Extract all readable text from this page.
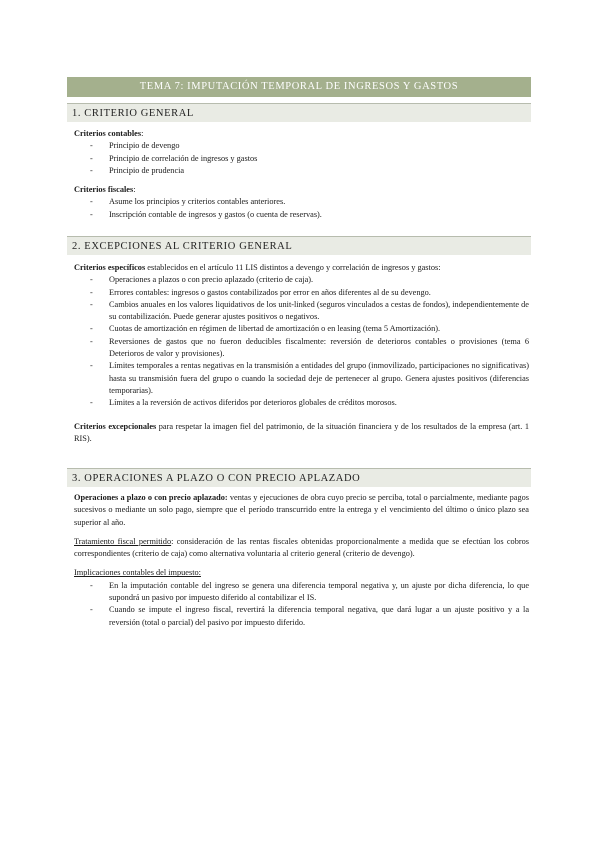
TEMA 7: IMPUTACIÓN TEMPORAL DE INGRESOS Y GASTOS
1. CRITERIO GENERAL

Criterios contables:

- Principio de devengo
- Principio de correlación de ingresos y gastos
- Principio de prudencia

Criterios fiscales:

- Asume los principios y criterios contables anteriores.
- Inscripción contable de ingresos y gastos (o cuenta de reservas).
2. EXCEPCIONES AL CRITERIO GENERAL

Criterios específicos establecidos en el artículo 11 LIS distintos a devengo y correlación de ingresos y gastos:

- Operaciones a plazos o con precio aplazado (criterio de caja).
- Errores contables: ingresos o gastos contabilizados por error en años diferentes al de su devengo.
- Cambios anuales en los valores liquidativos de los unit-linked (seguros vinculados a cestas de fondos), independientemente de su contabilización. Puede generar ajustes positivos o negativos.
- Cuotas de amortización en régimen de libertad de amortización o en leasing (tema 5 Amortización).
- Reversiones de gastos que no fueron deducibles fiscalmente: reversión de deterioros contables o provisiones (tema 6 Deterioros de valor y provisiones).
- Límites temporales a rentas negativas en la transmisión a entidades del grupo (inmovilizado, participaciones no significativas) hasta su transmisión fuera del grupo o cuando la sociedad deje de pertenecer al grupo. Genera ajustes positivos (diferencias temporarias).
- Límites a la reversión de activos diferidos por deterioros globales de créditos morosos.

Criterios excepcionales para respetar la imagen fiel del patrimonio, de la situación financiera y de los resultados de la empresa (art. 1 RIS).

3. OPERACIONES A PLAZO O CON PRECIO APLAZADO

Operaciones a plazo o con precio aplazado: ventas y ejecuciones de obra cuyo precio se perciba, total o parcialmente, mediante pagos sucesivos o mediante un solo pago, siempre que el período transcurrido entre la entrega y el vencimiento del último o único plazo sea superior al año.

Tratamiento fiscal permitido: consideración de las rentas fiscales obtenidas proporcionalmente a medida que se efectúan los cobros correspondientes (criterio de caja) como alternativa voluntaria al criterio general (criterio de devengo).

Implicaciones contables del impuesto:

- En la imputación contable del ingreso se genera una diferencia temporal negativa y, un ajuste por dicha diferencia, lo que supondrá un pasivo por impuesto diferido al contabilizar el IS.
- Cuando se impute el ingreso fiscal, revertirá la diferencia temporal negativa, que dará lugar a un ajuste positivo y a la reversión (total o parcial) del pasivo por impuesto diferido.
